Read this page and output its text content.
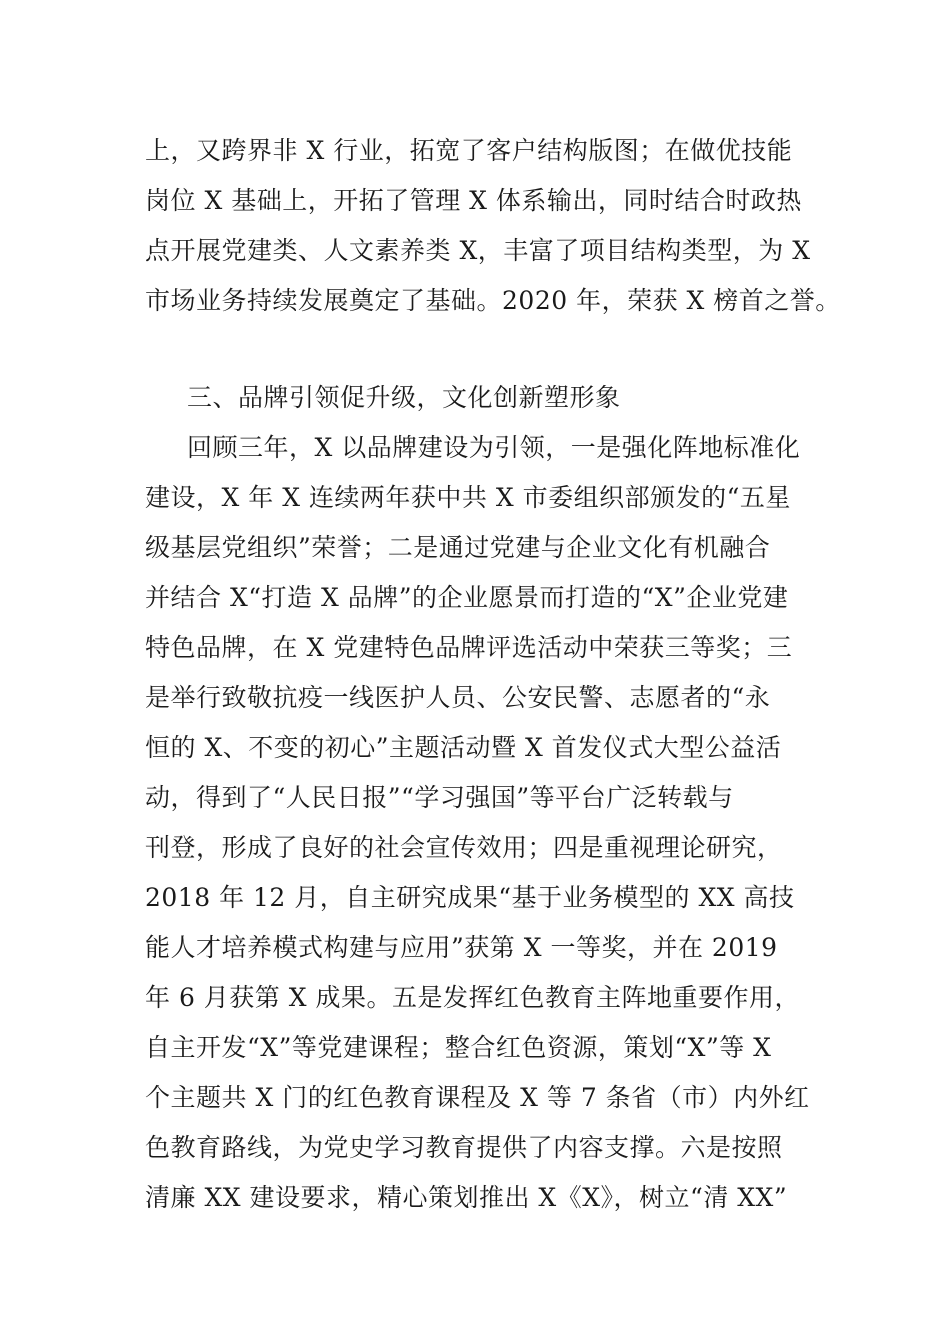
上，又跨界非 X 行业，拓宽了客户结构版图；在做优技能
岗位 X 基础上，开拓了管理 X 体系输出，同时结合时政热
点开展党建类、人文素养类 X，丰富了项目结构类型，为 X
市场业务持续发展奠定了基础。2020 年，荣获 X 榜首之誉。
三、品牌引领促升级，文化创新塑形象
回顾三年，X 以品牌建设为引领，一是强化阵地标准化
建设，X 年 X 连续两年获中共 X 市委组织部颁发的“五星
级基层党组织”荣誉；二是通过党建与企业文化有机融合
并结合 X“打造 X 品牌”的企业愿景而打造的“X”企业党建
特色品牌，在 X 党建特色品牌评选活动中荣获三等奖；三
是举行致敬抗疫一线医护人员、公安民警、志愿者的“永
恒的 X、不变的初心”主题活动暨 X 首发仪式大型公益活
动，得到了“人民日报”“学习强国”等平台广泛转载与
刊登，形成了良好的社会宣传效用；四是重视理论研究，
2018 年 12 月，自主研究成果“基于业务模型的 XX 高技
能人才培养模式构建与应用”获第 X 一等奖，并在 2019
年 6 月获第 X 成果。五是发挥红色教育主阵地重要作用，
自主开发“X”等党建课程；整合红色资源，策划“X”等 X
个主题共 X 门的红色教育课程及 X 等 7 条省（市）内外红
色教育路线，为党史学习教育提供了内容支撑。六是按照
清廉 XX 建设要求，精心策划推出 X《X》，树立“清 XX”
